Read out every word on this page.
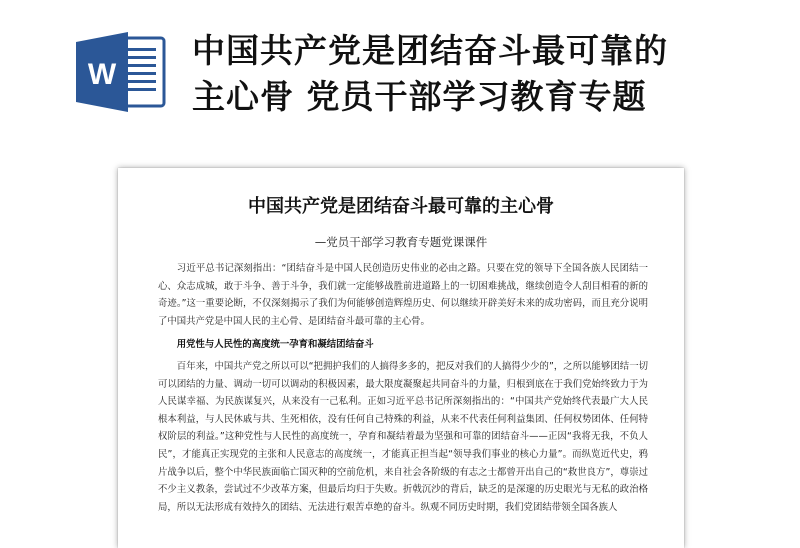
W
中国共产党是团结奋斗最可靠的
主心骨 党员干部学习教育专题
中国共产党是团结奋斗最可靠的主心骨
—党员干部学习教育专题党课课件

习近平总书记深刻指出：“团结奋斗是中国人民创造历史伟业的必由之路。只要在党的领导下全国各族人民团结一心、众志成城，敢于斗争、善于斗争，我们就一定能够战胜前进道路上的一切困难挑战，继续创造令人刮目相看的新的奇迹。”这一重要论断，不仅深刻揭示了我们为何能够创造辉煌历史、何以继续开辟美好未来的成功密码，而且充分说明了中国共产党是中国人民的主心骨、是团结奋斗最可靠的主心骨。

用党性与人民性的高度统一孕育和凝结团结奋斗

百年来，中国共产党之所以可以“把拥护我们的人搞得多多的，把反对我们的人搞得少少的”，之所以能够团结一切可以团结的力量、调动一切可以调动的积极因素，最大限度凝聚起共同奋斗的力量，归根到底在于我们党始终致力于为人民谋幸福、为民族谋复兴，从来没有一己私利。正如习近平总书记所深刻指出的：“中国共产党始终代表最广大人民根本利益，与人民休戚与共、生死相依，没有任何自己特殊的利益，从来不代表任何利益集团、任何权势团体、任何特权阶层的利益。”这种党性与人民性的高度统一，孕育和凝结着最为坚强和可靠的团结奋斗——正因“我将无我，不负人民”，才能真正实现党的主张和人民意志的高度统一，才能真正担当起“领导我们事业的核心力量”。而纵览近代史，鸦片战争以后，整个中华民族面临亡国灭种的空前危机，来自社会各阶级的有志之士都曾开出自己的“救世良方”，尊崇过不少主义教条，尝试过不少改革方案，但最后均归于失败。折戟沉沙的背后，缺乏的是深邃的历史眼光与无私的政治格局，所以无法形成有效持久的团结、无法进行艰苦卓绝的奋斗。纵观不同历史时期，我们党团结带领全国各族人
